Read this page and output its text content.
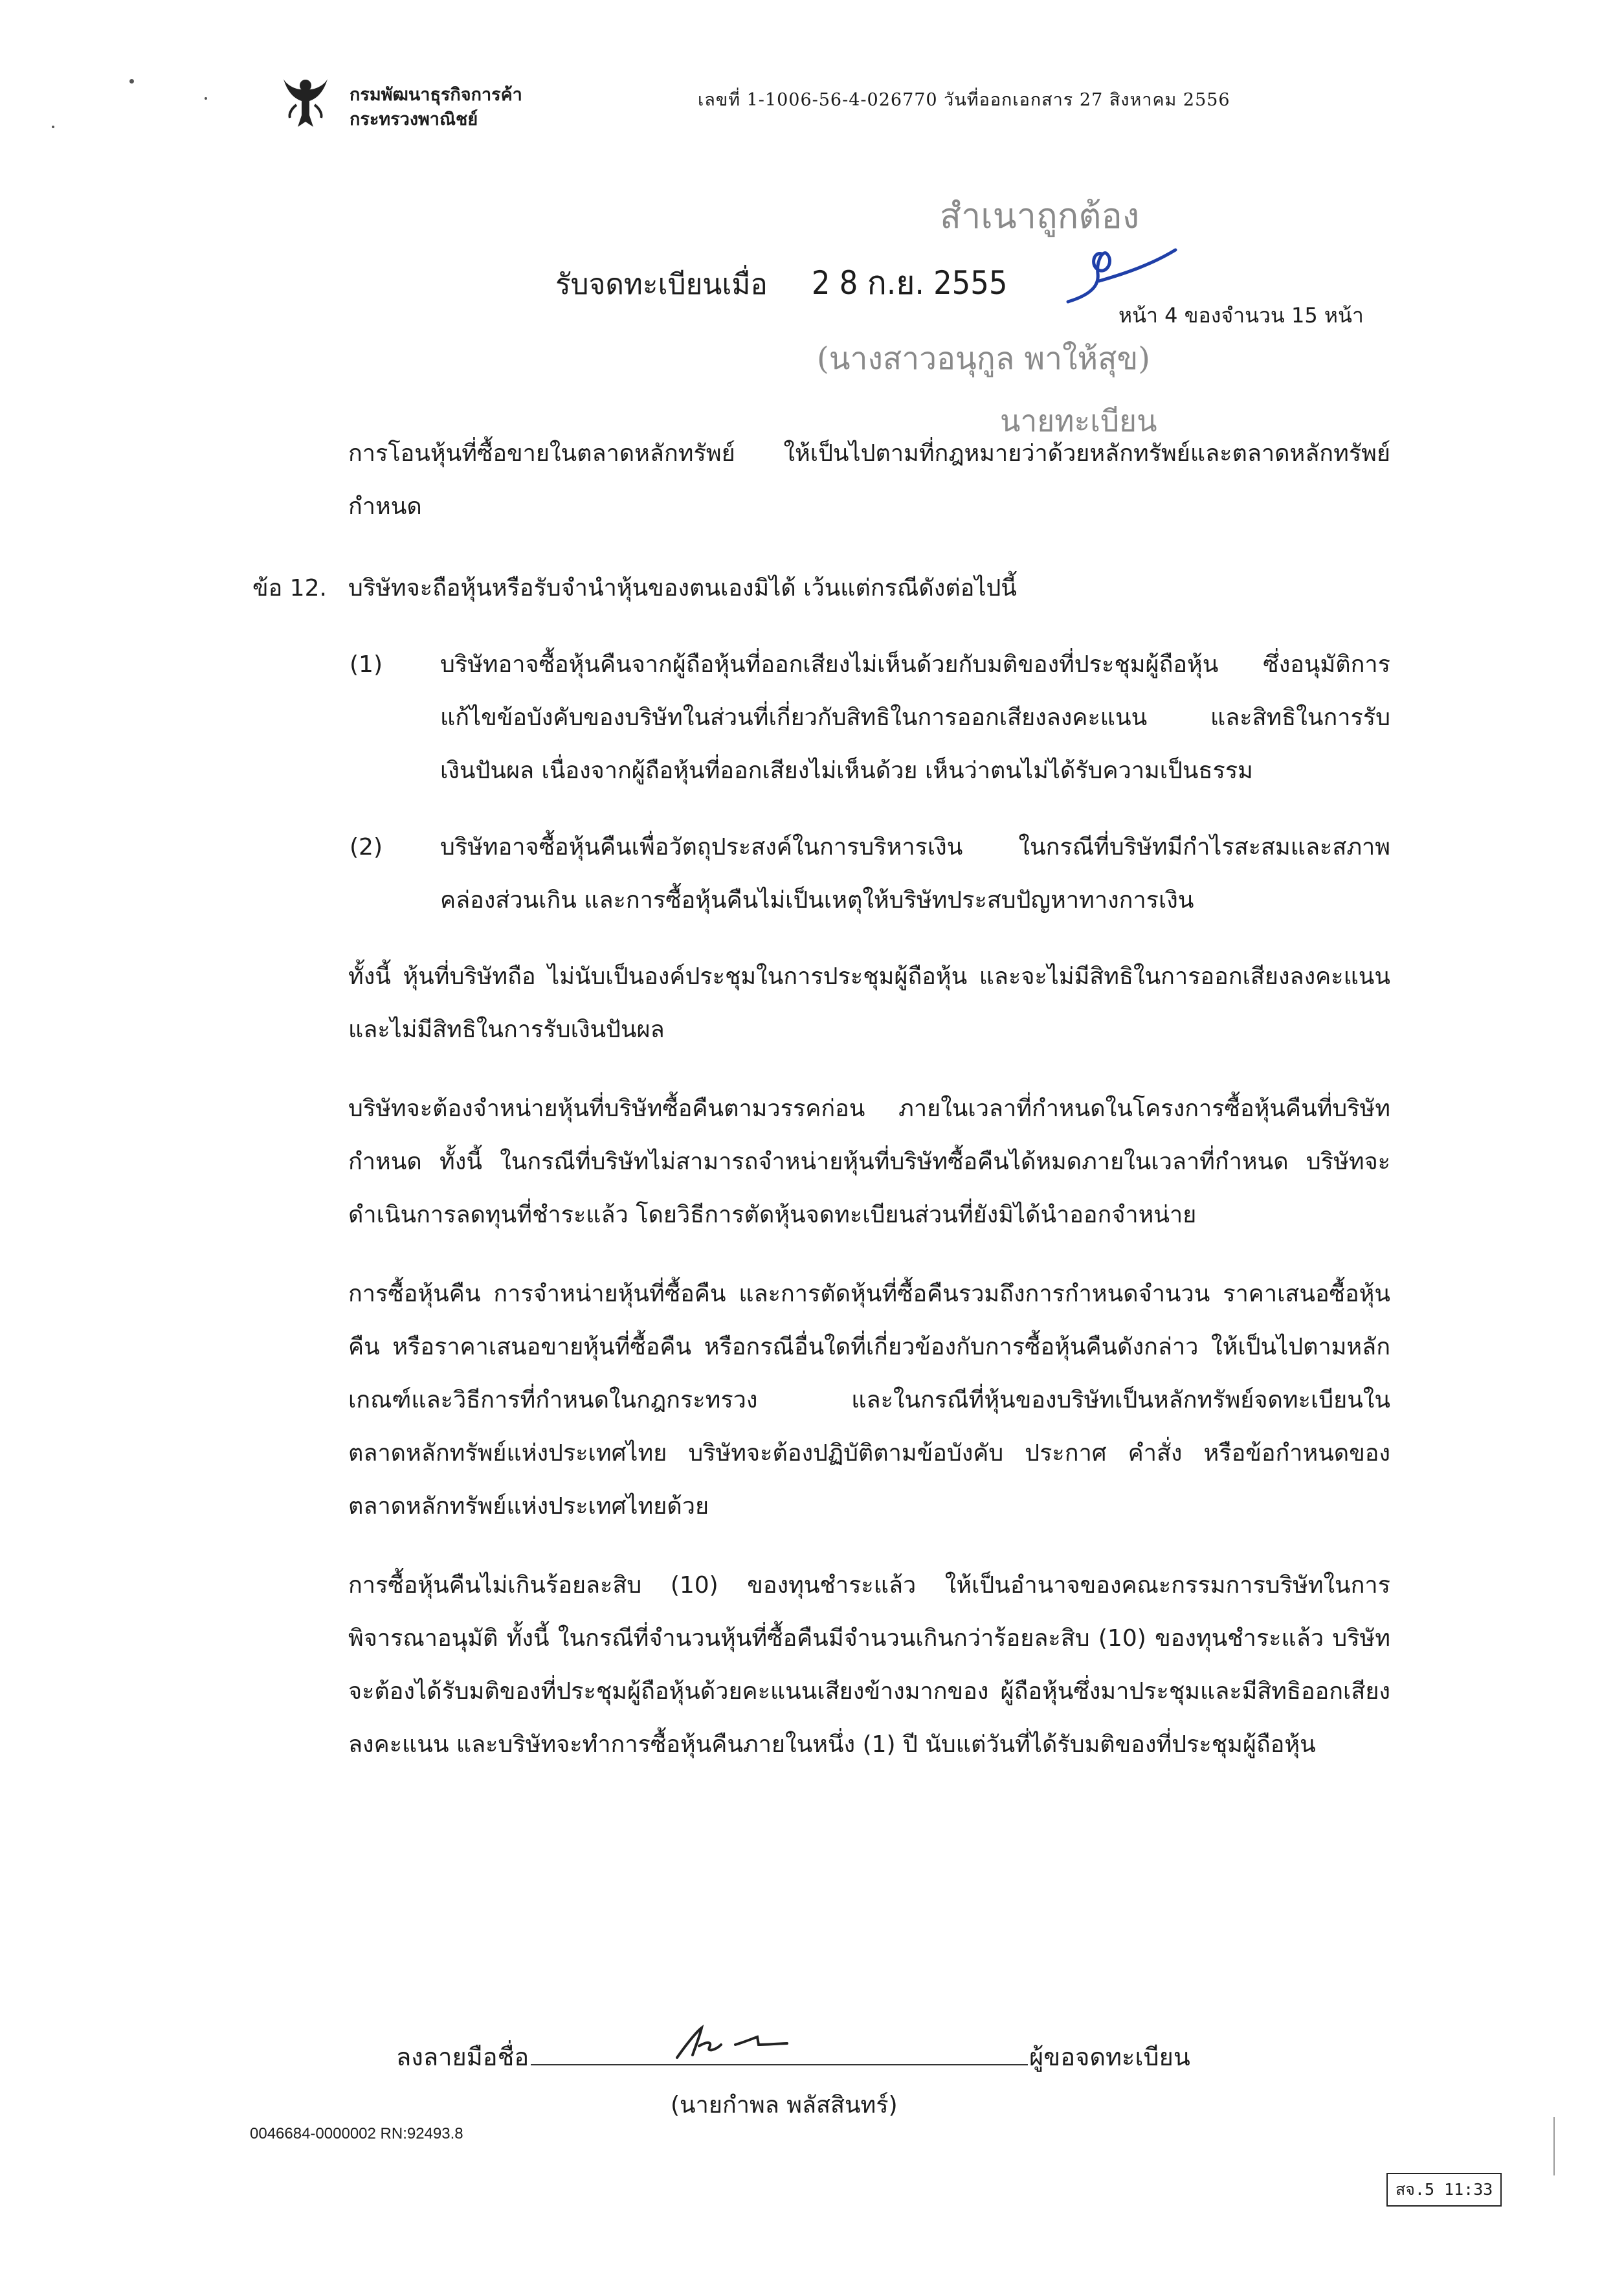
กรมพัฒนาธุรกิจการค้า
กระทรวงพาณิชย์
เลขที่ 1-1006-56-4-026770 วันที่ออกเอกสาร 27 สิงหาคม 2556
สำเนาถูกต้อง
รับจดทะเบียนเมื่อ 2 8 ก.ย. 2555
หน้า 4 ของจำนวน 15 หน้า
(นางสาวอนุกูล พาให้สุข)
นายทะเบียน
การโอนหุ้นที่ซื้อขายในตลาดหลักทรัพย์ ให้เป็นไปตามที่กฎหมายว่าด้วยหลักทรัพย์และตลาดหลักทรัพย์
กำหนด
ข้อ 12. บริษัทจะถือหุ้นหรือรับจำนำหุ้นของตนเองมิได้ เว้นแต่กรณีดังต่อไปนี้
(1) บริษัทอาจซื้อหุ้นคืนจากผู้ถือหุ้นที่ออกเสียงไม่เห็นด้วยกับมติของที่ประชุมผู้ถือหุ้น ซึ่งอนุมัติการแก้ไขข้อบังคับของบริษัทในส่วนที่เกี่ยวกับสิทธิในการออกเสียงลงคะแนน และสิทธิในการรับเงินปันผล เนื่องจากผู้ถือหุ้นที่ออกเสียงไม่เห็นด้วย เห็นว่าตนไม่ได้รับความเป็นธรรม
(2) บริษัทอาจซื้อหุ้นคืนเพื่อวัตถุประสงค์ในการบริหารเงิน ในกรณีที่บริษัทมีกำไรสะสมและสภาพคล่องส่วนเกิน และการซื้อหุ้นคืนไม่เป็นเหตุให้บริษัทประสบปัญหาทางการเงิน
ทั้งนี้ หุ้นที่บริษัทถือ ไม่นับเป็นองค์ประชุมในการประชุมผู้ถือหุ้น และจะไม่มีสิทธิในการออกเสียงลงคะแนน และไม่มีสิทธิในการรับเงินปันผล
บริษัทจะต้องจำหน่ายหุ้นที่บริษัทซื้อคืนตามวรรคก่อน ภายในเวลาที่กำหนดในโครงการซื้อหุ้นคืนที่บริษัทกำหนด ทั้งนี้ ในกรณีที่บริษัทไม่สามารถจำหน่ายหุ้นที่บริษัทซื้อคืนได้หมดภายในเวลาที่กำหนด บริษัทจะดำเนินการลดทุนที่ชำระแล้ว โดยวิธีการตัดหุ้นจดทะเบียนส่วนที่ยังมิได้นำออกจำหน่าย
การซื้อหุ้นคืน การจำหน่ายหุ้นที่ซื้อคืน และการตัดหุ้นที่ซื้อคืนรวมถึงการกำหนดจำนวน ราคาเสนอซื้อหุ้นคืน หรือราคาเสนอขายหุ้นที่ซื้อคืน หรือกรณีอื่นใดที่เกี่ยวข้องกับการซื้อหุ้นคืนดังกล่าว ให้เป็นไปตามหลักเกณฑ์และวิธีการที่กำหนดในกฎกระทรวง และในกรณีที่หุ้นของบริษัทเป็นหลักทรัพย์จดทะเบียนในตลาดหลักทรัพย์แห่งประเทศไทย บริษัทจะต้องปฏิบัติตามข้อบังคับ ประกาศ คำสั่ง หรือข้อกำหนดของตลาดหลักทรัพย์แห่งประเทศไทยด้วย
การซื้อหุ้นคืนไม่เกินร้อยละสิบ (10) ของทุนชำระแล้ว ให้เป็นอำนาจของคณะกรรมการบริษัทในการพิจารณาอนุมัติ ทั้งนี้ ในกรณีที่จำนวนหุ้นที่ซื้อคืนมีจำนวนเกินกว่าร้อยละสิบ (10) ของทุนชำระแล้ว บริษัทจะต้องได้รับมติของที่ประชุมผู้ถือหุ้นด้วยคะแนนเสียงข้างมากของ ผู้ถือหุ้นซึ่งมาประชุมและมีสิทธิออกเสียงลงคะแนน และบริษัทจะทำการซื้อหุ้นคืนภายในหนึ่ง (1) ปี นับแต่วันที่ได้รับมติของที่ประชุมผู้ถือหุ้น
ลงลายมือชื่อ	ผู้ขอจดทะเบียน
(นายกำพล พลัสสินทร์)
0046684-0000002 RN:92493.8
สจ.5 11:33
